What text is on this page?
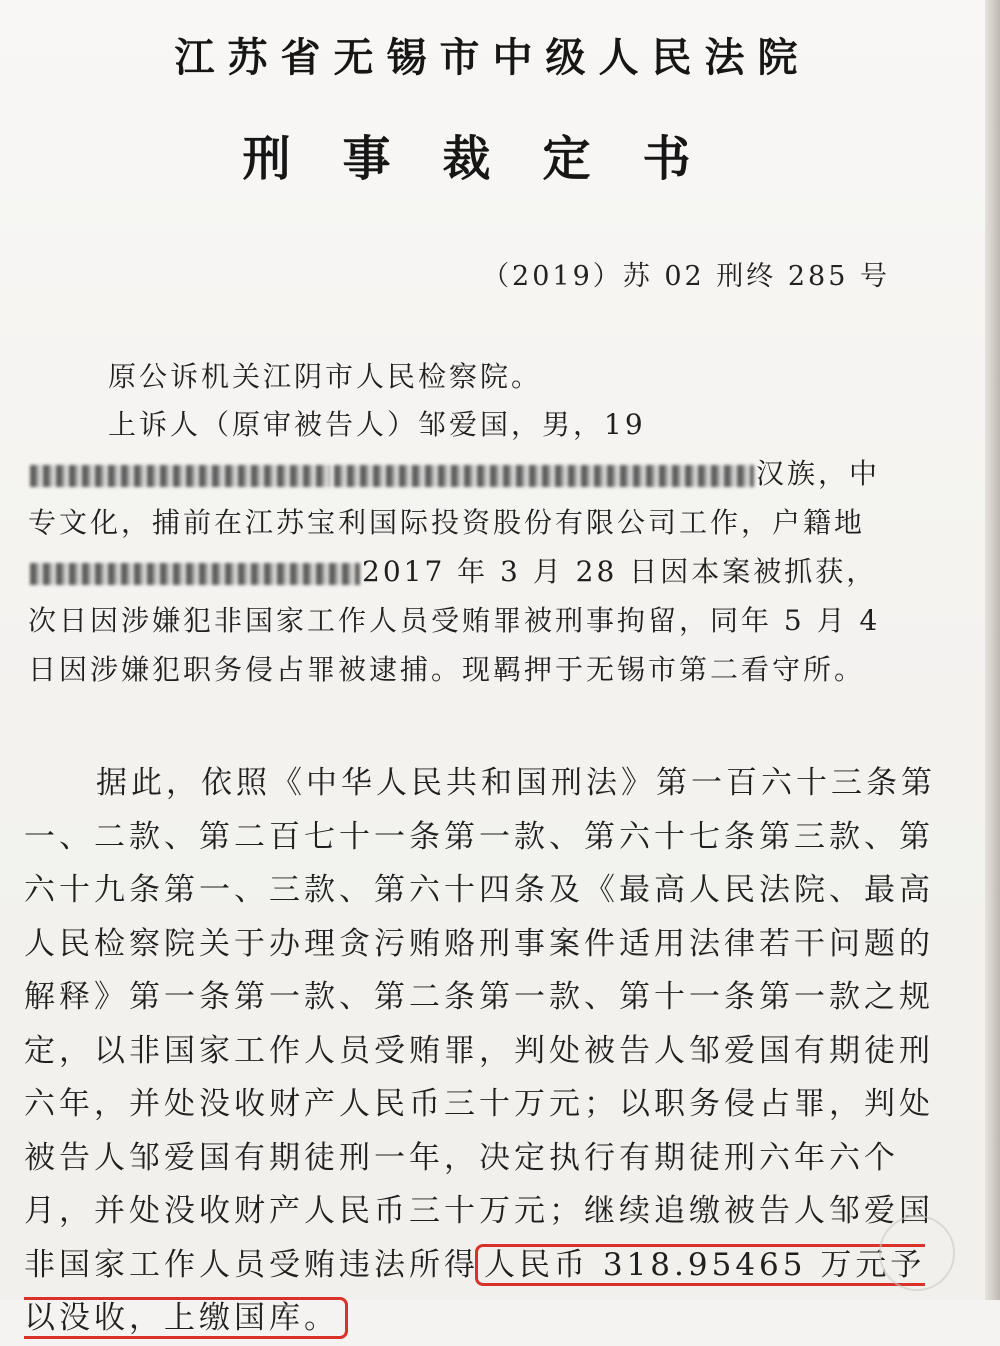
江苏省无锡市中级人民法院
刑事裁定书
（2019）苏 02 刑终 285 号
原公诉机关江阴市人民检察院。
上诉人（原审被告人）邹爱国，男，19汉族，中专文化，捕前在江苏宝利国际投资股份有限公司工作，户籍地2017 年 3 月 28 日因本案被抓获，次日因涉嫌犯非国家工作人员受贿罪被刑事拘留，同年 5 月 4 日因涉嫌犯职务侵占罪被逮捕。现羁押于无锡市第二看守所。
据此，依照《中华人民共和国刑法》第一百六十三条第一、二款、第二百七十一条第一款、第六十七条第三款、第六十九条第一、三款、第六十四条及《最高人民法院、最高人民检察院关于办理贪污贿赂刑事案件适用法律若干问题的解释》第一条第一款、第二条第一款、第十一条第一款之规定，以非国家工作人员受贿罪，判处被告人邹爱国有期徒刑六年，并处没收财产人民币三十万元；以职务侵占罪，判处被告人邹爱国有期徒刑一年，决定执行有期徒刑六年六个月，并处没收财产人民币三十万元；继续追缴被告人邹爱国非国家工作人员受贿违法所得 人民币 318.95465 万元予以没收，上缴国库。
